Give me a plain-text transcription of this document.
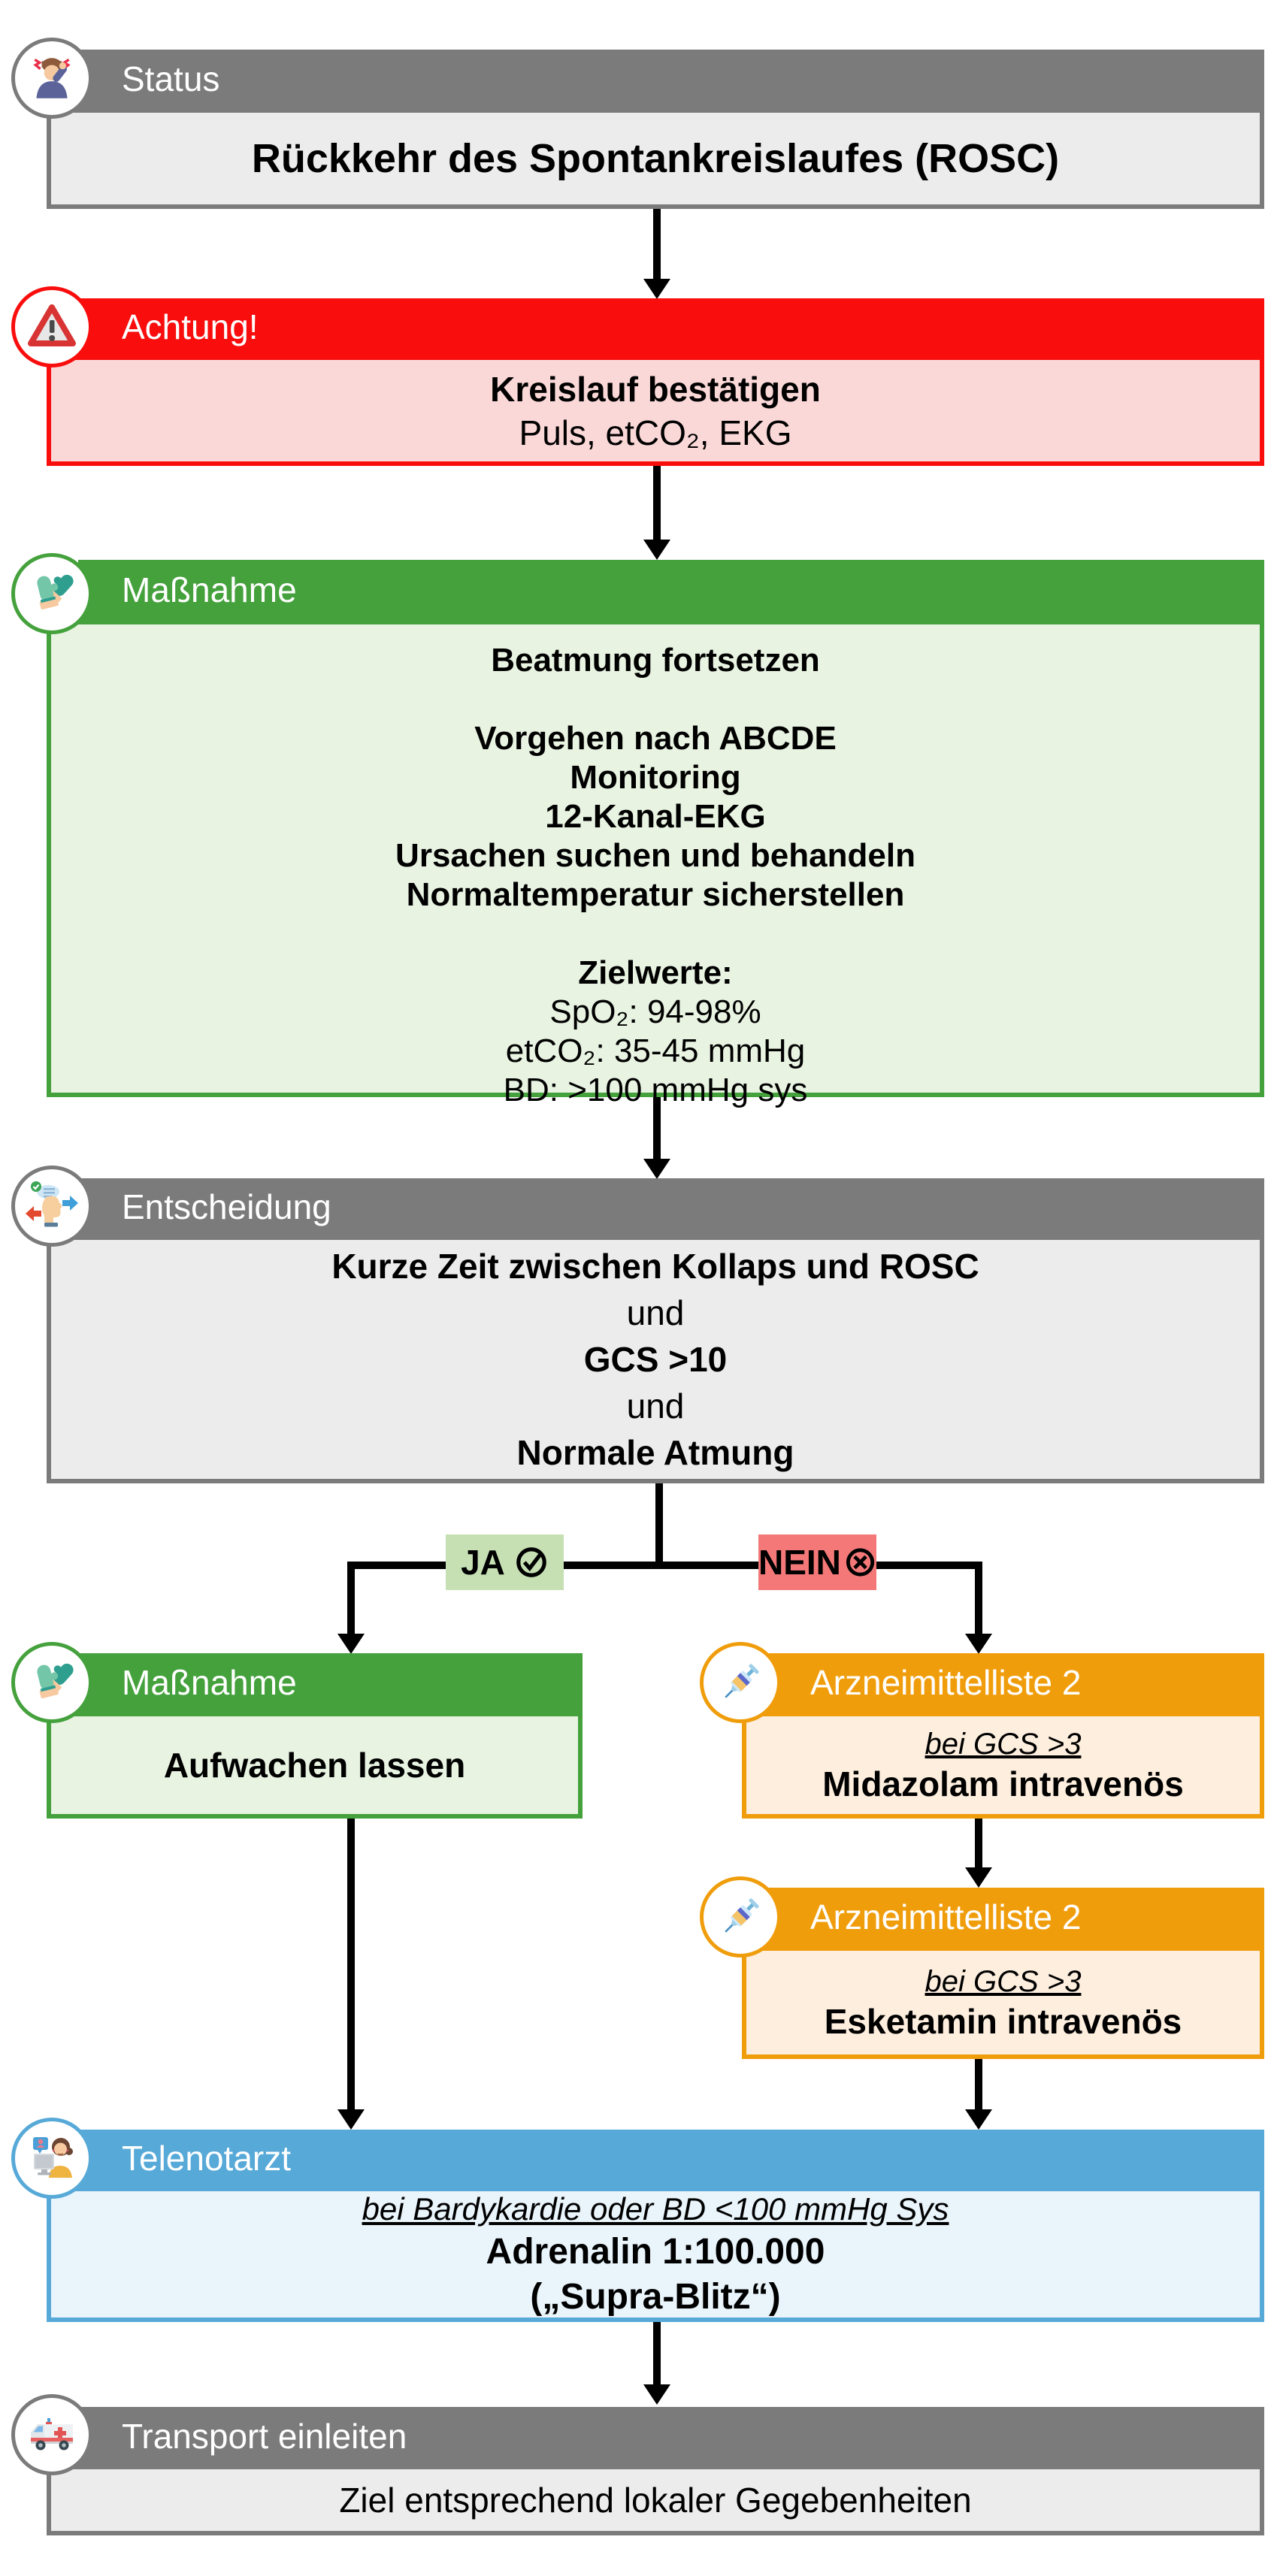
Status
Rückkehr des Spontankreislaufes (ROSC)
Achtung!
Kreislauf bestätigen
Puls, etCO₂, EKG
Maßnahme
Beatmung fortsetzen
Vorgehen nach ABCDE
Monitoring
12-Kanal-EKG
Ursachen suchen und behandeln
Normaltemperatur sicherstellen
Zielwerte:
SpO₂: 94-98%
etCO₂: 35-45 mmHg
BD: >100 mmHg sys
Entscheidung
Kurze Zeit zwischen Kollaps und ROSC
und
GCS >10
und
Normale Atmung
JA	NEIN
Maßnahme
Aufwachen lassen
Arzneimittelliste 2
bei GCS >3
Midazolam intravenös
Arzneimittelliste 2
bei GCS >3
Esketamin intravenös
Telenotarzt
bei Bardykardie oder BD <100 mmHg Sys
Adrenalin 1:100.000
(„Supra-Blitz“)
Transport einleiten
Ziel entsprechend lokaler Gegebenheiten
